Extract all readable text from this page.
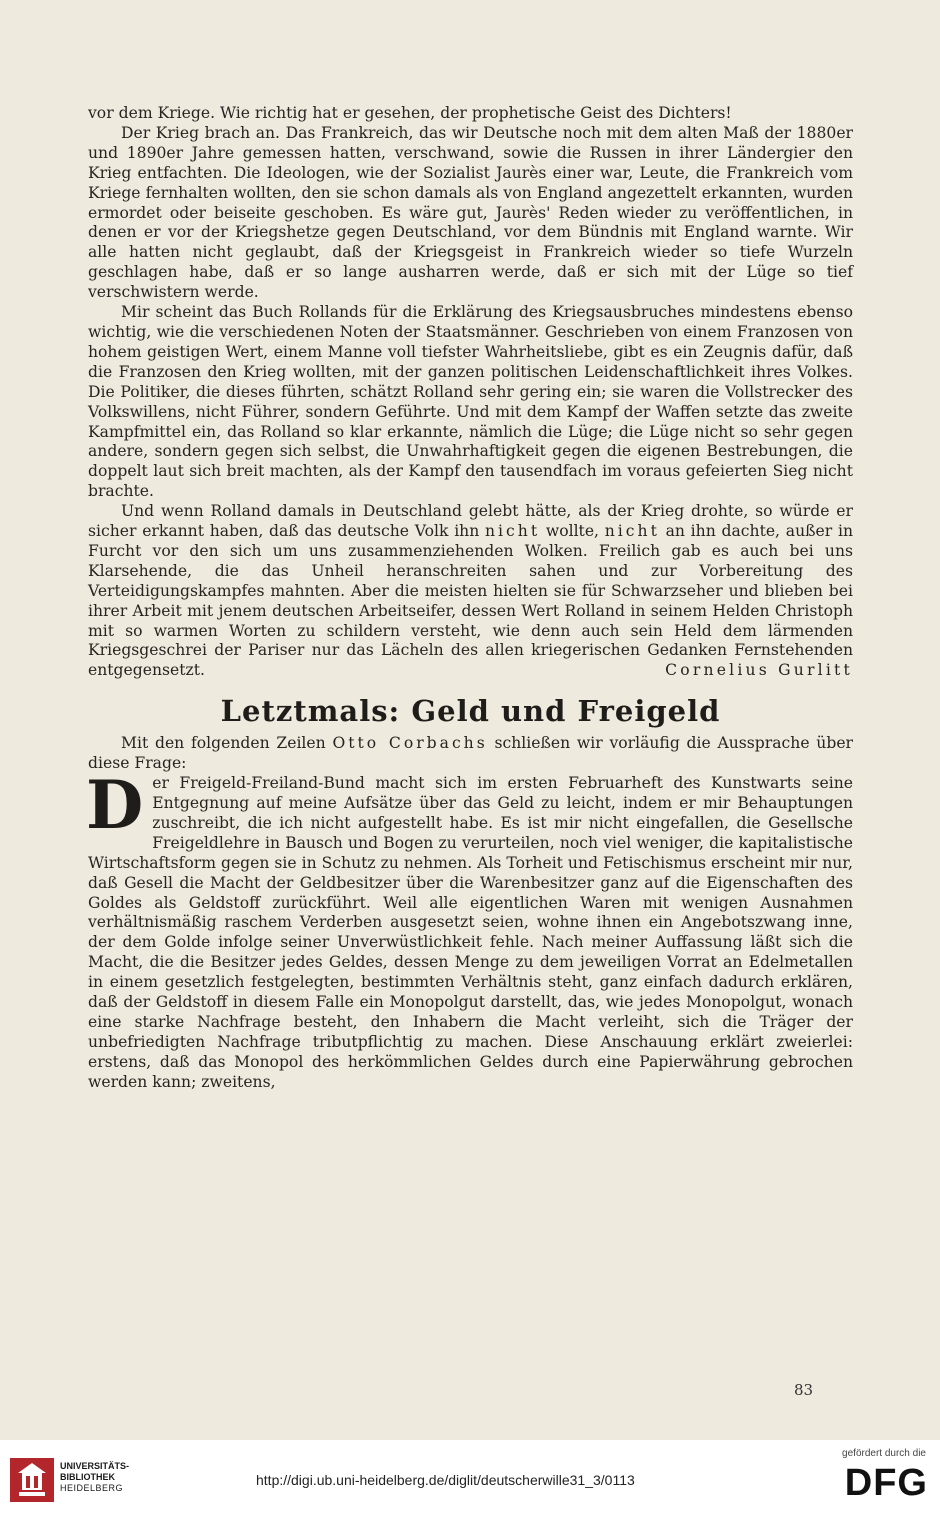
vor dem Kriege. Wie richtig hat er gesehen, der prophetische Geist des Dichters!

Der Krieg brach an. Das Frankreich, das wir Deutsche noch mit dem alten Maß der 1880er und 1890er Jahre gemessen hatten, verschwand, sowie die Russen in ihrer Ländergier den Krieg entfachten. Die Ideologen, wie der Sozialist Jaurès einer war, Leute, die Frankreich vom Kriege fernhalten wollten, den sie schon damals als von England angezettelt erkannten, wurden ermordet oder beiseite geschoben. Es wäre gut, Jaurès' Reden wieder zu veröffentlichen, in denen er vor der Kriegshetze gegen Deutschland, vor dem Bündnis mit England warnte. Wir alle hatten nicht geglaubt, daß der Kriegsgeist in Frankreich wieder so tiefe Wurzeln geschlagen habe, daß er so lange ausharren werde, daß er sich mit der Lüge so tief verschwistern werde.

Mir scheint das Buch Rollands für die Erklärung des Kriegsausbruches mindestens ebenso wichtig, wie die verschiedenen Noten der Staatsmänner. Geschrieben von einem Franzosen von hohem geistigen Wert, einem Manne voll tiefster Wahrheitsliebe, gibt es ein Zeugnis dafür, daß die Franzosen den Krieg wollten, mit der ganzen politischen Leidenschaftlichkeit ihres Volkes. Die Politiker, die dieses führten, schätzt Rolland sehr gering ein; sie waren die Vollstrecker des Volkswillens, nicht Führer, sondern Geführte. Und mit dem Kampf der Waffen setzte das zweite Kampfmittel ein, das Rolland so klar erkannte, nämlich die Lüge; die Lüge nicht so sehr gegen andere, sondern gegen sich selbst, die Unwahrhaftigkeit gegen die eigenen Bestrebungen, die doppelt laut sich breit machten, als der Kampf den tausendfach im voraus gefeierten Sieg nicht brachte.

Und wenn Rolland damals in Deutschland gelebt hätte, als der Krieg drohte, so würde er sicher erkannt haben, daß das deutsche Volk ihn nicht wollte, nicht an ihn dachte, außer in Furcht vor den sich um uns zusammenziehenden Wolken. Freilich gab es auch bei uns Klarsehende, die das Unheil heranschreiten sahen und zur Vorbereitung des Verteidigungskampfes mahnten. Aber die meisten hielten sie für Schwarzseher und blieben bei ihrer Arbeit mit jenem deutschen Arbeitseifer, dessen Wert Rolland in seinem Helden Christoph mit so warmen Worten zu schildern versteht, wie denn auch sein Held dem lärmenden Kriegsgeschrei der Pariser nur das Lächeln des allen kriegerischen Gedanken Fernstehenden entgegensetzt.	Cornelius Gurlitt

Letztmals: Geld und Freigeld

Mit den folgenden Zeilen Otto Corbachs schließen wir vorläufig die Aussprache über diese Frage:

Der Freigeld-Freiland-Bund macht sich im ersten Februarheft des Kunstwarts seine Entgegnung auf meine Aufsätze über das Geld zu leicht, indem er mir Behauptungen zuschreibt, die ich nicht aufgestellt habe. Es ist mir nicht eingefallen, die Gesellsche Freigeldlehre in Bausch und Bogen zu verurteilen, noch viel weniger, die kapitalistische Wirtschaftsform gegen sie in Schutz zu nehmen. Als Torheit und Fetischismus erscheint mir nur, daß Gesell die Macht der Geldbesitzer über die Warenbesitzer ganz auf die Eigenschaften des Goldes als Geldstoff zurückführt. Weil alle eigentlichen Waren mit wenigen Ausnahmen verhältnismäßig raschem Verderben ausgesetzt seien, wohne ihnen ein Angebotszwang inne, der dem Golde infolge seiner Unverwüstlichkeit fehle. Nach meiner Auffassung läßt sich die Macht, die die Besitzer jedes Geldes, dessen Menge zu dem jeweiligen Vorrat an Edelmetallen in einem gesetzlich festgelegten, bestimmten Verhältnis steht, ganz einfach dadurch erklären, daß der Geldstoff in diesem Falle ein Monopolgut darstellt, das, wie jedes Monopolgut, wonach eine starke Nachfrage besteht, den Inhabern die Macht verleiht, sich die Träger der unbefriedigten Nachfrage tributpflichtig zu machen. Diese Anschauung erklärt zweierlei: erstens, daß das Monopol des herkömmlichen Geldes durch eine Papierwährung gebrochen werden kann; zweitens,

83
UNIVERSITÄTS-
BIBLIOTHEK
HEIDELBERG	http://digi.ub.uni-heidelberg.de/diglit/deutscherwille31_3/0113
gefördert durch die
DFG
